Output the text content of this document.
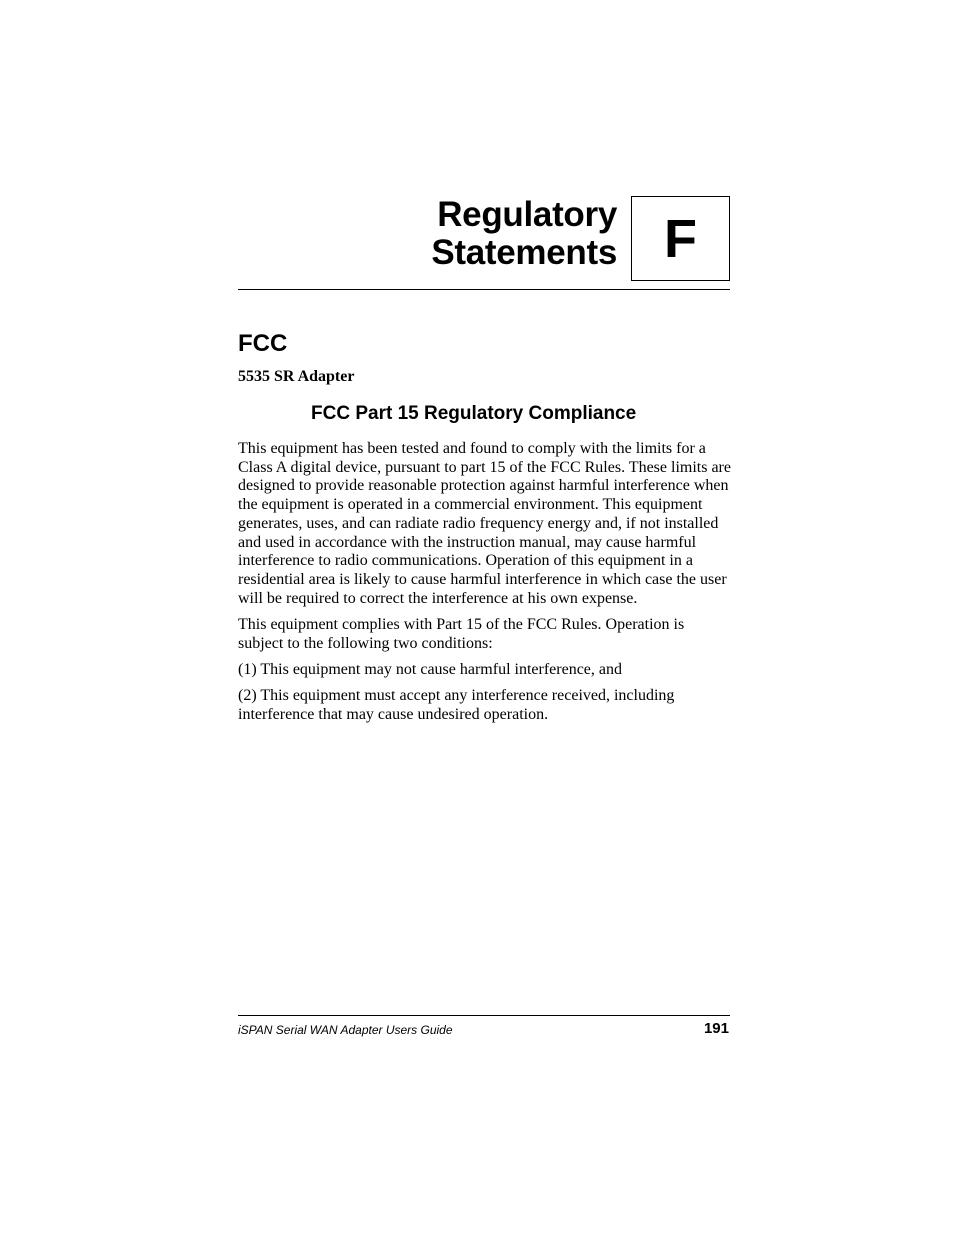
Regulatory
Statements F
FCC
5535 SR Adapter
FCC Part 15 Regulatory Compliance

This equipment has been tested and found to comply with the limits for a Class A digital device, pursuant to part 15 of the FCC Rules. These limits are designed to provide reasonable protection against harmful interference when the equipment is operated in a commercial environment. This equipment generates, uses, and can radiate radio frequency energy and, if not installed and used in accordance with the instruction manual, may cause harmful interference to radio communications. Operation of this equipment in a residential area is likely to cause harmful interference in which case the user will be required to correct the interference at his own expense.

This equipment complies with Part 15 of the FCC Rules. Operation is subject to the following two conditions:

(1) This equipment may not cause harmful interference, and

(2) This equipment must accept any interference received, including interference that may cause undesired operation.

iSPAN Serial WAN Adapter Users Guide	191
